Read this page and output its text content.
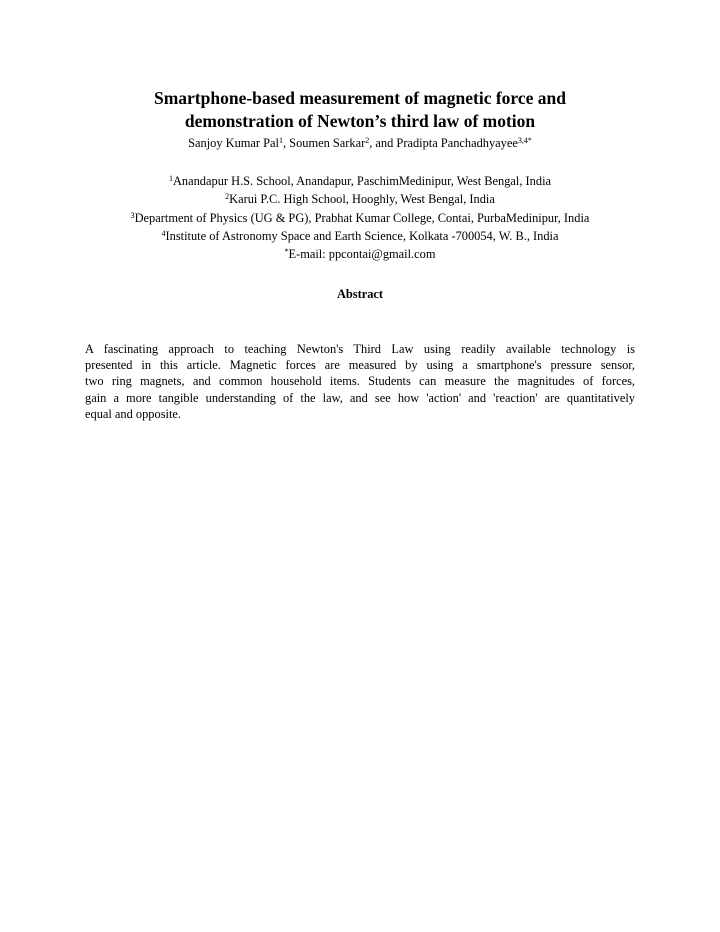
Smartphone-based measurement of magnetic force and
demonstration of Newton’s third law of motion
Sanjoy Kumar Pal$^1$, Soumen Sarkar$^2$, and Pradipta Panchadhyayee$^{3,4*}$
$^1$Anandapur H.S. School, Anandapur, PaschimMedinipur, West Bengal, India
$^2$Karui P.C. High School, Hooghly, West Bengal, India
$^3$Department of Physics (UG & PG), Prabhat Kumar College, Contai, PurbaMedinipur, India
$^4$Institute of Astronomy Space and Earth Science, Kolkata -700054, W. B., India
*E-mail: ppcontai@gmail.com
Abstract
A fascinating approach to teaching Newton's Third Law using readily available technology is
presented in this article. Magnetic forces are measured by using a smartphone's pressure sensor,
two ring magnets, and common household items. Students can measure the magnitudes of forces,
gain a more tangible understanding of the law, and see how 'action' and 'reaction' are quantitatively
equal and opposite.
